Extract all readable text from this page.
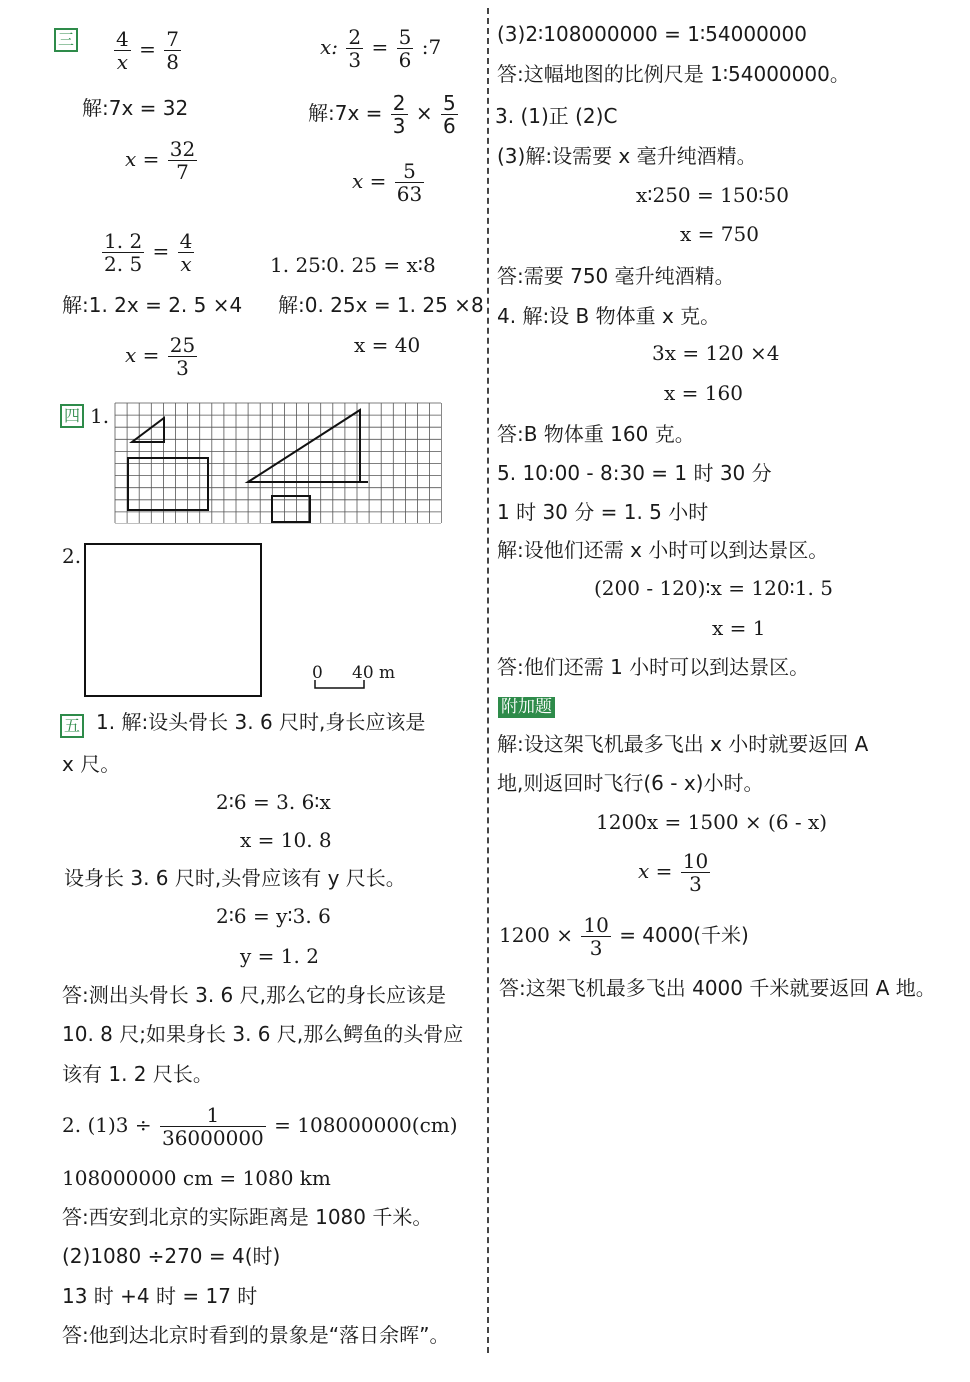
三 $\frac{4}{x} = \frac{7}{8}$
解:7x = 32
$x = \frac{32}{7}$
x: $\frac{2}{3} = \frac{5}{6}$ :7
解:7x = $\frac{2}{3} \times \frac{5}{6}$
$x = \frac{5}{63}$
$\frac{1. 2}{2. 5} = \frac{4}{x}$
解:1. 2x = 2. 5 ×4
$x = \frac{25}{3}$
1. 25∶0. 25 = x∶8
解:0. 25x = 1. 25 ×8
x = 40
四 1.
2.
0 40 m
五 1. 解:设头骨长 3. 6 尺时,身长应该是
x 尺。
2∶6 = 3. 6∶x
x = 10. 8
设身长 3. 6 尺时,头骨应该有 y 尺长。
2∶6 = y∶3. 6
y = 1. 2
答:测出头骨长 3. 6 尺,那么它的身长应该是
10. 8 尺;如果身长 3. 6 尺,那么鳄鱼的头骨应
该有 1. 2 尺长。
2. $(1)3 \div \frac{1}{36000000} = 108000000(cm)$
108000000 cm = 1080 km
答:西安到北京的实际距离是 1080 千米。
(2)1080 ÷270 = 4(时)
13 时 +4 时 = 17 时
答:他到达北京时看到的景象是“落日余晖”。
(3)2∶108000000 = 1∶54000000
答:这幅地图的比例尺是 1∶54000000。
3. (1)正 (2)C
(3)解:设需要 x 毫升纯酒精。
x∶250 = 150∶50
x = 750
答:需要 750 毫升纯酒精。
4. 解:设 B 物体重 x 克。
3x = 120 ×4
x = 160
答:B 物体重 160 克。
5. 10:00 - 8:30 = 1 时 30 分
1 时 30 分 = 1. 5 小时
解:设他们还需 x 小时可以到达景区。
(200 - 120)∶x = 120∶1. 5
x = 1
答:他们还需 1 小时可以到达景区。
附加题
解:设这架飞机最多飞出 x 小时就要返回 A
地,则返回时飞行(6 - x)小时。
1200x = 1500 × (6 - x)
$x = \frac{10}{3}$
$1200 \times \frac{10}{3} = 4000$(千米)
答:这架飞机最多飞出 4000 千米就要返回 A 地。
